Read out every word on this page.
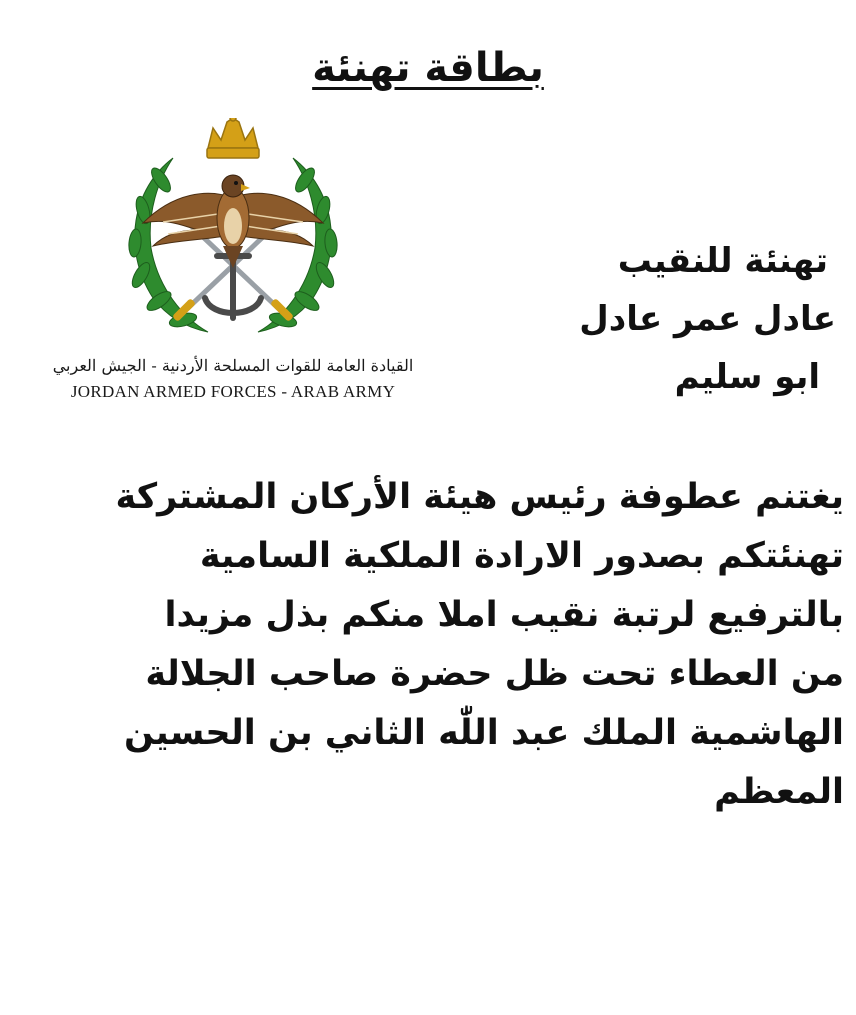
بطاقة تهنئة
القيادة العامة للقوات المسلحة الأردنية - الجيش العربي
JORDAN ARMED FORCES - ARAB ARMY
تهنئة للنقيب
عادل عمر عادل
ابو سليم
يغتنم عطوفة رئيس هيئة الأركان المشتركة
تهنئتكم بصدور الارادة الملكية السامية
بالترفيع لرتبة نقيب املا منكم بذل مزيدا
من العطاء تحت ظل حضرة صاحب الجلالة
الهاشمية الملك عبد اللّٰه الثاني بن الحسين
المعظم
